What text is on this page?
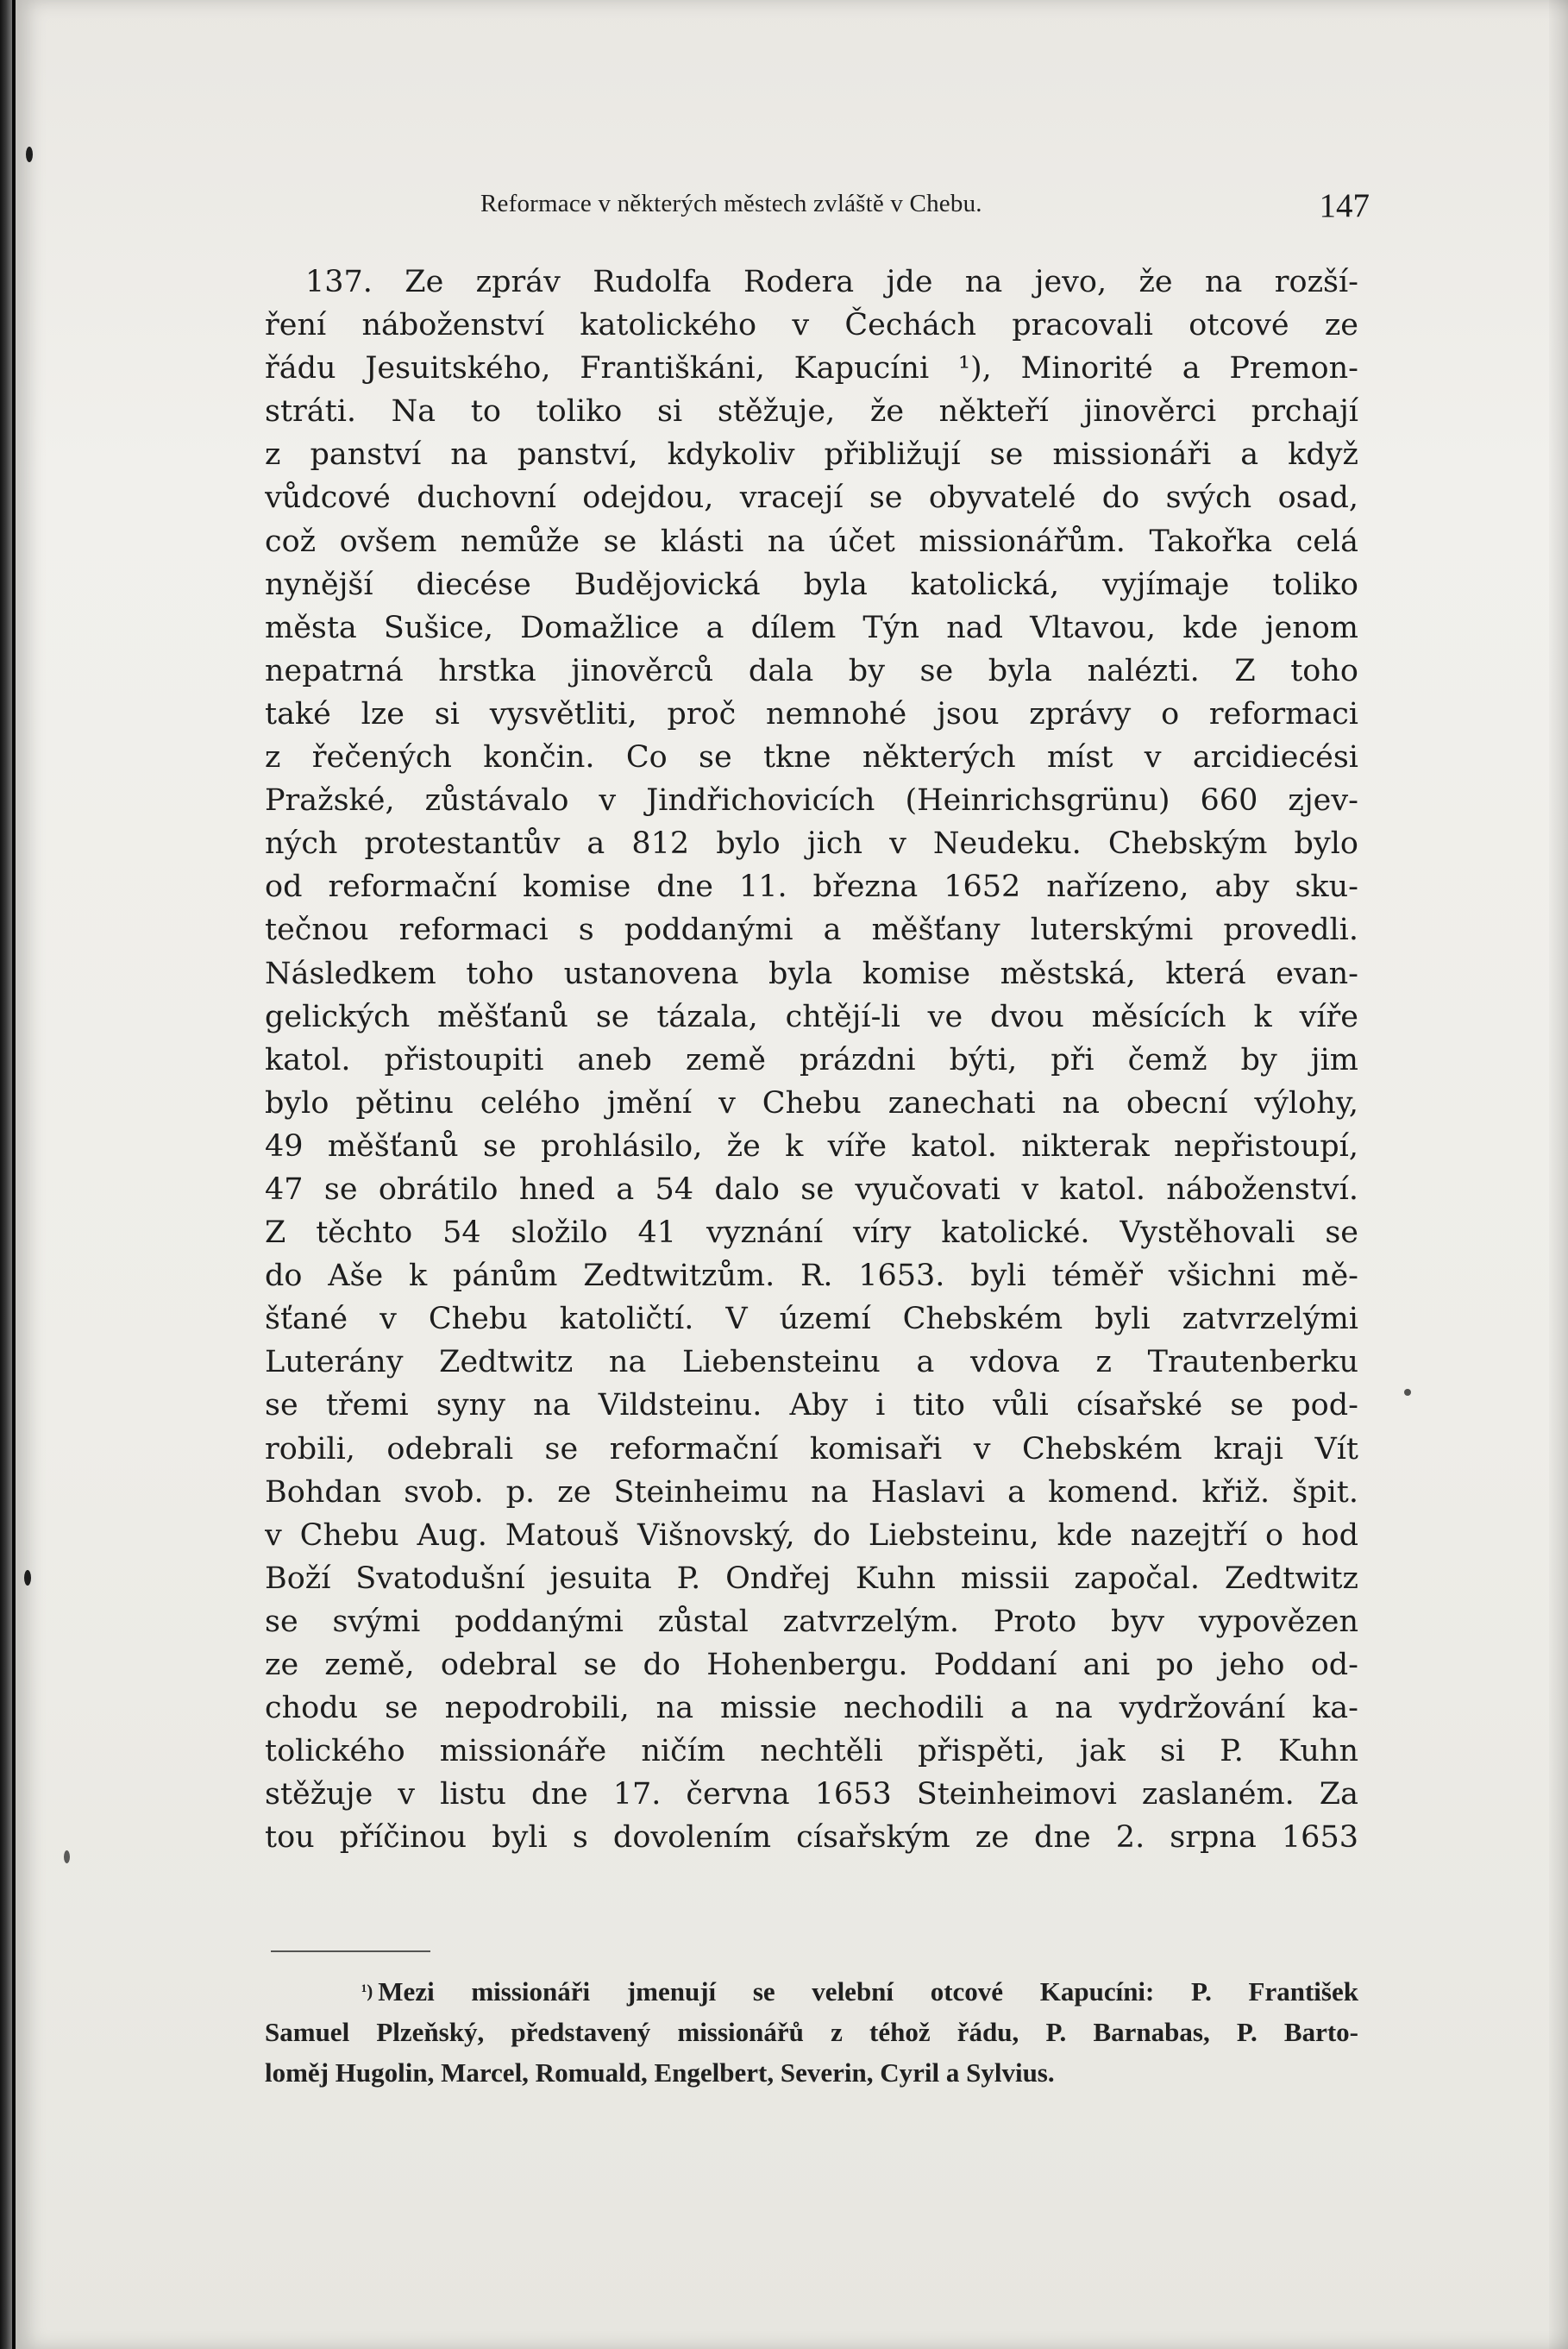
Reformace v některých městech zvláště v Chebu.	147
137. Ze zpráv Rudolfa Rodera jde na jevo, že na rozší-
ření náboženství katolického v Čechách pracovali otcové ze
řádu Jesuitského, Františkáni, Kapucíni ¹), Minorité a Premon-
stráti. Na to toliko si stěžuje, že někteří jinověrci prchají
z panství na panství, kdykoliv přibližují se missionáři a když
vůdcové duchovní odejdou, vracejí se obyvatelé do svých osad,
což ovšem nemůže se klásti na účet missionářům. Takořka celá
nynější diecése Budějovická byla katolická, vyjímaje toliko
města Sušice, Domažlice a dílem Týn nad Vltavou, kde jenom
nepatrná hrstka jinověrců dala by se byla nalézti. Z toho
také lze si vysvětliti, proč nemnohé jsou zprávy o reformaci
z řečených končin. Co se tkne některých míst v arcidiecési
Pražské, zůstávalo v Jindřichovicích (Heinrichsgrünu) 660 zjev-
ných protestantův a 812 bylo jich v Neudeku. Chebským bylo
od reformační komise dne 11. března 1652 nařízeno, aby sku-
tečnou reformaci s poddanými a měšťany luterskými provedli.
Následkem toho ustanovena byla komise městská, která evan-
gelických měšťanů se tázala, chtějí-li ve dvou měsících k víře
katol. přistoupiti aneb země prázdni býti, při čemž by jim
bylo pětinu celého jmění v Chebu zanechati na obecní výlohy,
49 měšťanů se prohlásilo, že k víře katol. nikterak nepřistoupí,
47 se obrátilo hned a 54 dalo se vyučovati v katol. náboženství.
Z těchto 54 složilo 41 vyznání víry katolické. Vystěhovali se
do Aše k pánům Zedtwitzům. R. 1653. byli téměř všichni mě-
šťané v Chebu katoličtí. V území Chebském byli zatvrzelými
Luterány Zedtwitz na Liebensteinu a vdova z Trautenberku
se třemi syny na Vildsteinu. Aby i tito vůli císařské se pod-
robili, odebrali se reformační komisaři v Chebském kraji Vít
Bohdan svob. p. ze Steinheimu na Haslavi a komend. křiž. špit.
v Chebu Aug. Matouš Višnovský, do Liebsteinu, kde nazejtří o hod
Boží Svatodušní jesuita P. Ondřej Kuhn missii započal. Zedtwitz
se svými poddanými zůstal zatvrzelým. Proto byv vypovězen
ze země, odebral se do Hohenbergu. Poddaní ani po jeho od-
chodu se nepodrobili, na missie nechodili a na vydržování ka-
tolického missionáře ničím nechtěli přispěti, jak si P. Kuhn
stěžuje v listu dne 17. června 1653 Steinheimovi zaslaném. Za
tou příčinou byli s dovolením císařským ze dne 2. srpna 1653
$^{^1)}$ Mezi missionáři jmenují se velební otcové Kapucíni: P. František
Samuel Plzeňský, představený missionářů z téhož řádu, P. Barnabas, P. Barto-
loměj Hugolin, Marcel, Romuald, Engelbert, Severin, Cyril a Sylvius.
